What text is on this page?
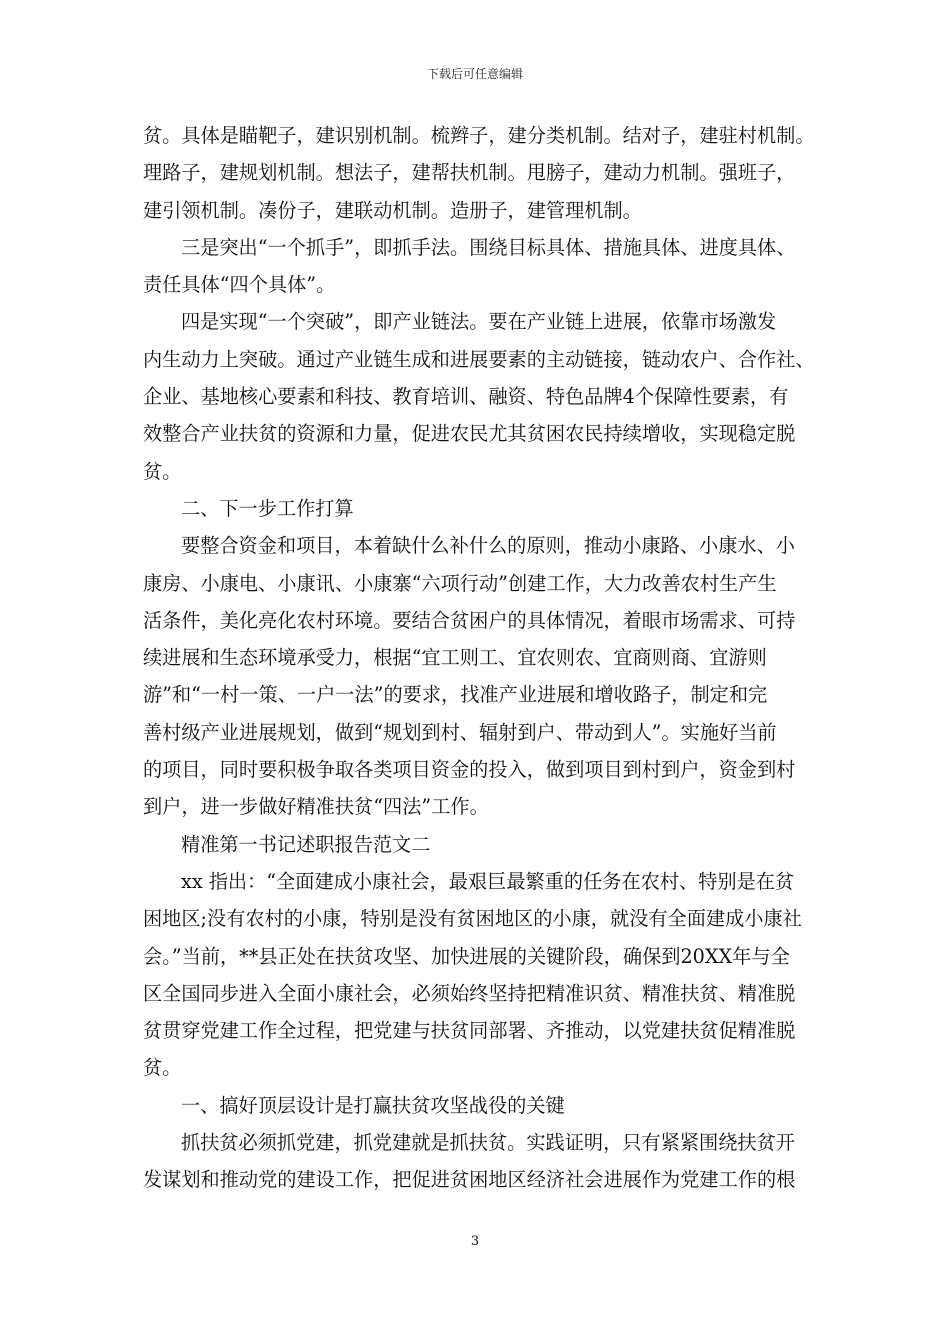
下载后可任意编辑
贫。具体是瞄靶子，建识别机制。梳辫子，建分类机制。结对子，建驻村机制。
理路子，建规划机制。想法子，建帮扶机制。甩膀子，建动力机制。强班子，
建引领机制。凑份子，建联动机制。造册子，建管理机制。
三是突出“一个抓手”，即抓手法。围绕目标具体、措施具体、进度具体、
责任具体“四个具体”。
四是实现“一个突破”，即产业链法。要在产业链上进展，依靠市场激发
内生动力上突破。通过产业链生成和进展要素的主动链接，链动农户、合作社、
企业、基地核心要素和科技、教育培训、融资、特色品牌4个保障性要素，有
效整合产业扶贫的资源和力量，促进农民尤其贫困农民持续增收，实现稳定脱
贫。
二、下一步工作打算
要整合资金和项目，本着缺什么补什么的原则，推动小康路、小康水、小
康房、小康电、小康讯、小康寨“六项行动”创建工作，大力改善农村生产生
活条件，美化亮化农村环境。要结合贫困户的具体情况，着眼市场需求、可持
续进展和生态环境承受力，根据“宜工则工、宜农则农、宜商则商、宜游则
游”和“一村一策、一户一法”的要求，找准产业进展和增收路子，制定和完
善村级产业进展规划，做到“规划到村、辐射到户、带动到人”。实施好当前
的项目，同时要积极争取各类项目资金的投入，做到项目到村到户，资金到村
到户，进一步做好精准扶贫“四法”工作。
精准第一书记述职报告范文二
xx 指出：“全面建成小康社会，最艰巨最繁重的任务在农村、特别是在贫
困地区;没有农村的小康，特别是没有贫困地区的小康，就没有全面建成小康社
会。”当前，**县正处在扶贫攻坚、加快进展的关键阶段，确保到20XX年与全
区全国同步进入全面小康社会，必须始终坚持把精准识贫、精准扶贫、精准脱
贫贯穿党建工作全过程，把党建与扶贫同部署、齐推动，以党建扶贫促精准脱
贫。
一、搞好顶层设计是打赢扶贫攻坚战役的关键
抓扶贫必须抓党建，抓党建就是抓扶贫。实践证明，只有紧紧围绕扶贫开
发谋划和推动党的建设工作，把促进贫困地区经济社会进展作为党建工作的根
3
